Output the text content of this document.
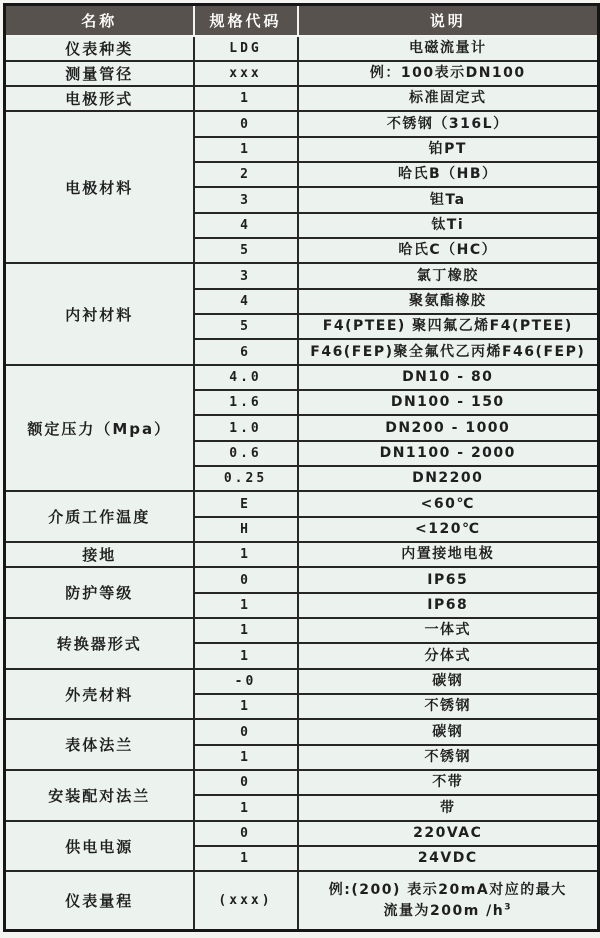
名称	规格代码	说明
仪表种类	LDG	电磁流量计
测量管径	xxx	例：100表示DN100
电极形式	1	标准固定式
电极材料	0	不锈钢（316L）
	1	铂PT
	2	哈氏B（HB）
	3	钽Ta
	4	钛Ti
	5	哈氏C（HC）
内衬材料	3	氯丁橡胶
	4	聚氨酯橡胶
	5	F4(PTEE) 聚四氟乙烯F4(PTEE)
	6	F46(FEP)聚全氟代乙丙烯F46(FEP)
额定压力（Mpa）	4.0	DN10 - 80
	1.6	DN100 - 150
	1.0	DN200 - 1000
	0.6	DN1100 - 2000
	0.25	DN2200
介质工作温度	E	<60℃
	H	<120℃
接地	1	内置接地电极
防护等级	0	IP65
	1	IP68
转换器形式	1	一体式
	1	分体式
外壳材料	-0	碳钢
	1	不锈钢
表体法兰	0	碳钢
	1	不锈钢
安装配对法兰	0	不带
	1	带
供电电源	0	220VAC
	1	24VDC
仪表量程	(xxx)	例:(200) 表示20mA对应的最大
流量为200m $/h^3$
